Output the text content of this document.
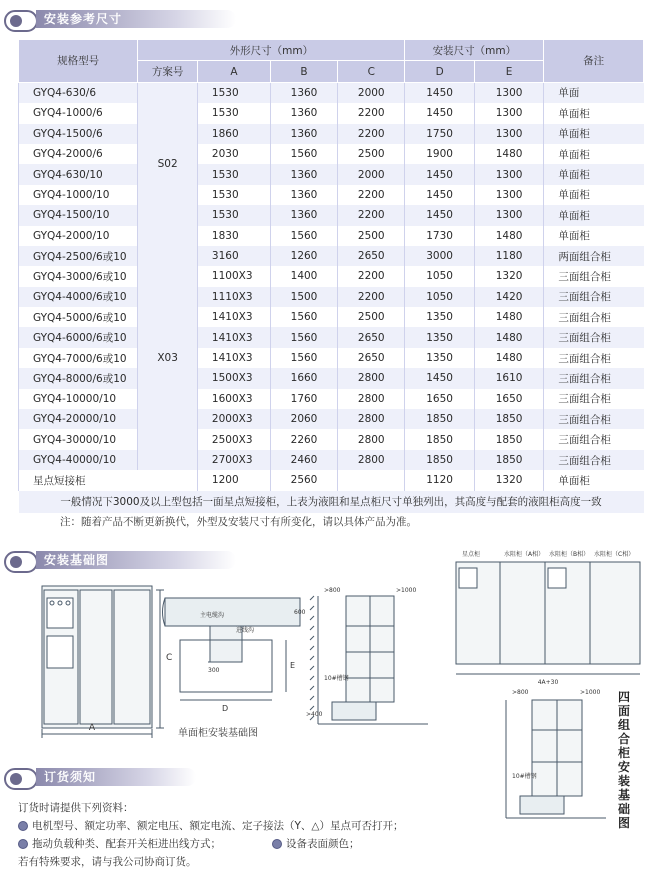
安装参考尺寸
规格型号	外形尺寸（mm）				安装尺寸（mm）		备注
	方案号	A	B	C	D	E	
GYQ4-630/6	S02	1530	1360	2000	1450	1300	单面
GYQ4-1000/6		1530	1360	2200	1450	1300	单面柜
GYQ4-1500/6		1860	1360	2200	1750	1300	单面柜
GYQ4-2000/6		2030	1560	2500	1900	1480	单面柜
GYQ4-630/10		1530	1360	2000	1450	1300	单面柜
GYQ4-1000/10		1530	1360	2200	1450	1300	单面柜
GYQ4-1500/10		1530	1360	2200	1450	1300	单面柜
GYQ4-2000/10		1830	1560	2500	1730	1480	单面柜
GYQ4-2500/6或10	X03	3160	1260	2650	3000	1180	两面组合柜
GYQ4-3000/6或10		1100X3	1400	2200	1050	1320	三面组合柜
GYQ4-4000/6或10		1110X3	1500	2200	1050	1420	三面组合柜
GYQ4-5000/6或10		1410X3	1560	2500	1350	1480	三面组合柜
GYQ4-6000/6或10		1410X3	1560	2650	1350	1480	三面组合柜
GYQ4-7000/6或10		1410X3	1560	2650	1350	1480	三面组合柜
GYQ4-8000/6或10		1500X3	1660	2800	1450	1610	三面组合柜
GYQ4-10000/10		1600X3	1760	2800	1650	1650	三面组合柜
GYQ4-20000/10		2000X3	2060	2800	1850	1850	三面组合柜
GYQ4-30000/10		2500X3	2260	2800	1850	1850	三面组合柜
GYQ4-40000/10		2700X3	2460	2800	1850	1850	三面组合柜
星点短接柜		1200	2560		1120	1320	单面柜
一般情况下3000及以上型包括一面星点短接柜，上表为液阻和星点柜尺寸单独列出，其高度与配套的液阻柜高度一致							
注：随着产品不断更新换代，外型及安装尺寸有所变化，请以具体产品为准。
安装基础图
A
C
主电缆沟
进线沟
600
300
D
E
单面柜安装基础图
>800	>1000
>400
10#槽钢
星点柜	水阻柜（A相） 水阻柜（B相） 水阻柜（C相）
4A+30
>800	>1000
10#槽钢
四面组合柜安装基础图
订货须知
订货时请提供下列资料：
电机型号、额定功率、额定电压、额定电流、定子接法（Y、△）星点可否打开；
拖动负载种类、配套开关柜进出线方式；	设备表面颜色；
若有特殊要求，请与我公司协商订货。
